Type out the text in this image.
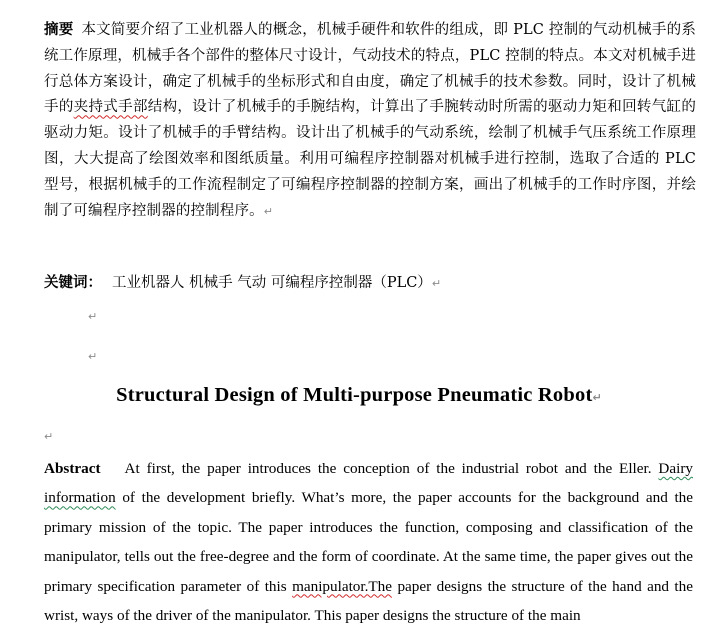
摘要 本文简要介绍了工业机器人的概念，机械手硬件和软件的组成，即 PLC 控制的气动机械手的系统工作原理，机械手各个部件的整体尺寸设计，气动技术的特点，PLC 控制的特点。本文对机械手进行总体方案设计，确定了机械手的坐标形式和自由度，确定了机械手的技术参数。同时，设计了机械手的夹持式手部结构，设计了机械手的手腕结构，计算出了手腕转动时所需的驱动力矩和回转气缸的驱动力矩。设计了机械手的手臂结构。设计出了机械手的气动系统，绘制了机械手气压系统工作原理图，大大提高了绘图效率和图纸质量。利用可编程序控制器对机械手进行控制，选取了合适的 PLC 型号，根据机械手的工作流程制定了可编程序控制器的控制方案，画出了机械手的工作时序图，并绘制了可编程序控制器的控制程序。↵
关键词： 工业机器人 机械手 气动 可编程序控制器（PLC）↵
↵
↵
Structural Design of Multi-purpose Pneumatic Robot↵
↵
Abstract At first, the paper introduces the conception of the industrial robot and the Eller. Dairy information of the development briefly. What’s more, the paper accounts for the background and the primary mission of the topic. The paper introduces the function, composing and classification of the manipulator, tells out the free-degree and the form of coordinate. At the same time, the paper gives out the primary specification parameter of this manipulator.The paper designs the structure of the hand and the wrist, ways of the driver of the manipulator. This paper designs the structure of the main
